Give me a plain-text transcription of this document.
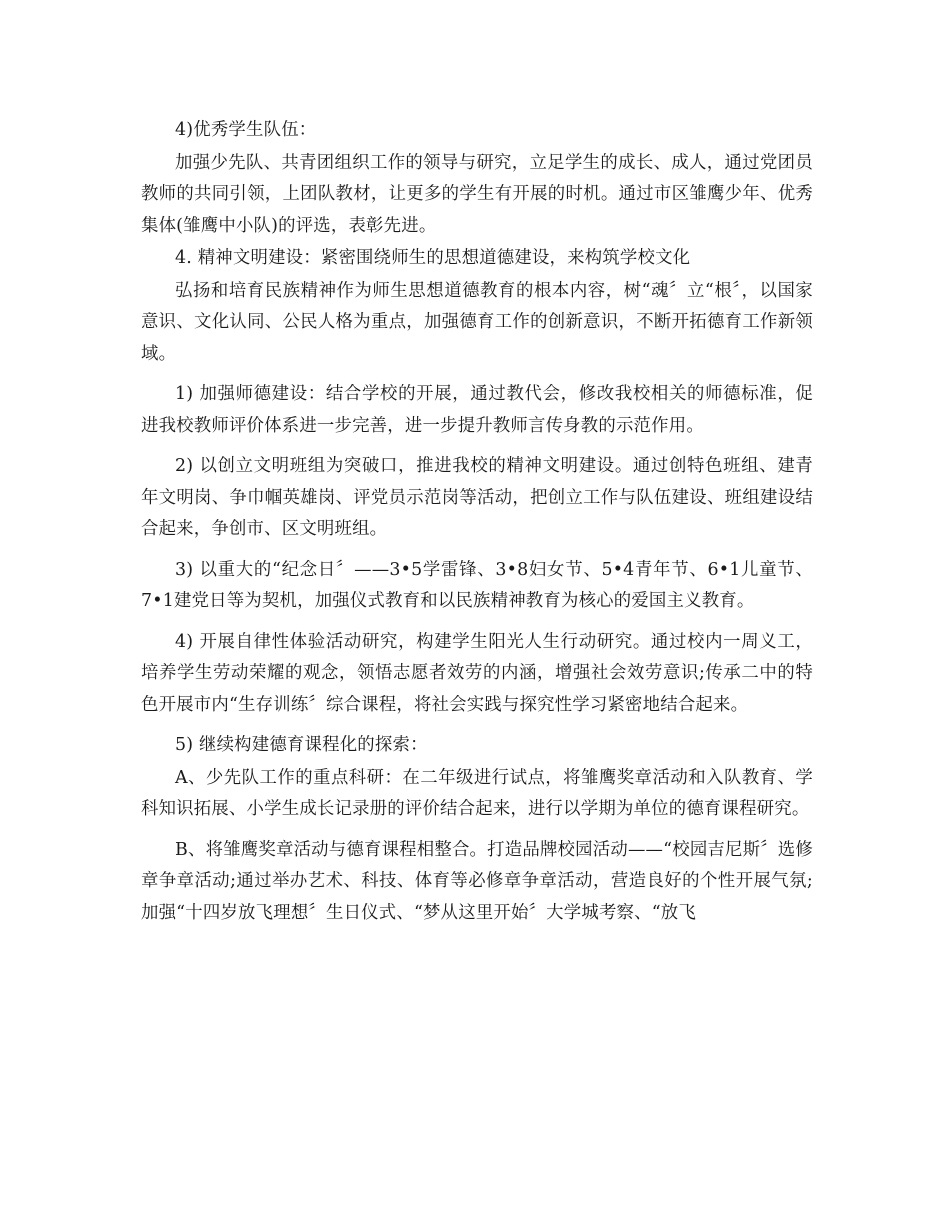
4)优秀学生队伍：

加强少先队、共青团组织工作的领导与研究，立足学生的成长、成人，通过党团员教师的共同引领，上团队教材，让更多的学生有开展的时机。通过市区雏鹰少年、优秀集体(雏鹰中小队)的评选，表彰先进。

4. 精神文明建设：紧密围绕师生的思想道德建设，来构筑学校文化

弘扬和培育民族精神作为师生思想道德教育的根本内容，树“魂〞立“根〞，以国家意识、文化认同、公民人格为重点，加强德育工作的创新意识，不断开拓德育工作新领域。

1) 加强师德建设：结合学校的开展，通过教代会，修改我校相关的师德标准，促进我校教师评价体系进一步完善，进一步提升教师言传身教的示范作用。

2) 以创立文明班组为突破口，推进我校的精神文明建设。通过创特色班组、建青年文明岗、争巾帼英雄岗、评党员示范岗等活动，把创立工作与队伍建设、班组建设结合起来，争创市、区文明班组。

3) 以重大的“纪念日〞——3•5学雷锋、3•8妇女节、5•4青年节、6•1儿童节、7•1建党日等为契机，加强仪式教育和以民族精神教育为核心的爱国主义教育。

4) 开展自律性体验活动研究，构建学生阳光人生行动研究。通过校内一周义工，培养学生劳动荣耀的观念，领悟志愿者效劳的内涵，增强社会效劳意识;传承二中的特色开展市内“生存训练〞综合课程，将社会实践与探究性学习紧密地结合起来。

5) 继续构建德育课程化的探索：

A、少先队工作的重点科研：在二年级进行试点，将雏鹰奖章活动和入队教育、学科知识拓展、小学生成长记录册的评价结合起来，进行以学期为单位的德育课程研究。

B、将雏鹰奖章活动与德育课程相整合。打造品牌校园活动——“校园吉尼斯〞选修章争章活动;通过举办艺术、科技、体育等必修章争章活动，营造良好的个性开展气氛;加强“十四岁放飞理想〞生日仪式、“梦从这里开始〞大学城考察、“放飞
